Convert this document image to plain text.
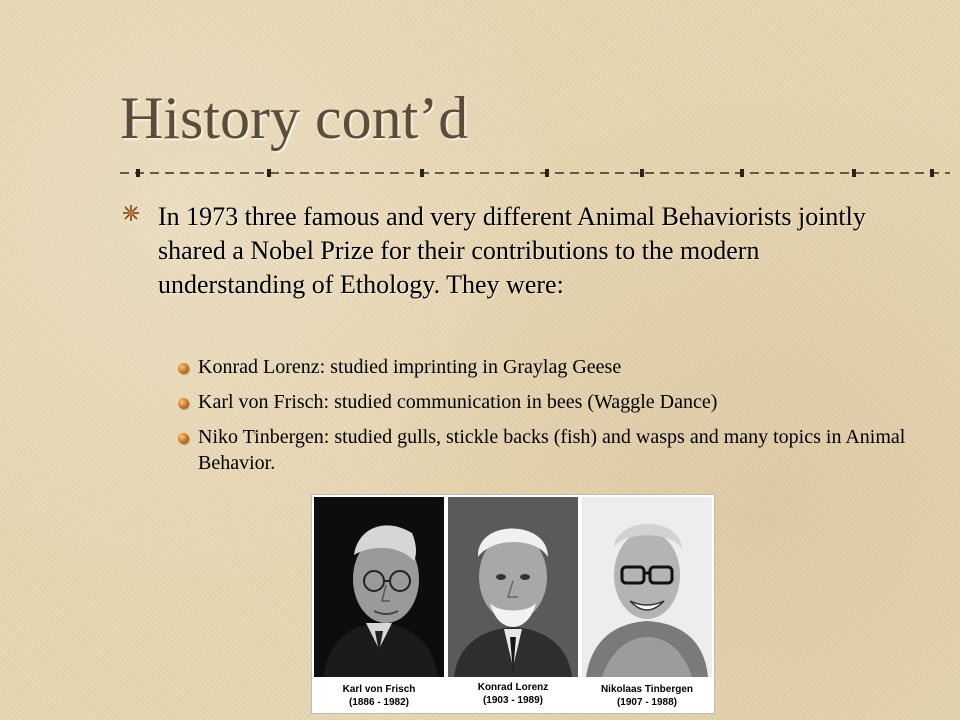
History cont’d
In 1973 three famous and very different Animal Behaviorists jointly shared a Nobel Prize for their contributions to the modern understanding of Ethology. They were:
Konrad Lorenz: studied imprinting in Graylag Geese
Karl von Frisch: studied communication in bees (Waggle Dance)
Niko Tinbergen: studied gulls, stickle backs (fish) and wasps and many topics in Animal Behavior.
Karl von Frisch
(1886 - 1982)
Konrad Lorenz
(1903 - 1989)
Nikolaas Tinbergen
(1907 - 1988)
